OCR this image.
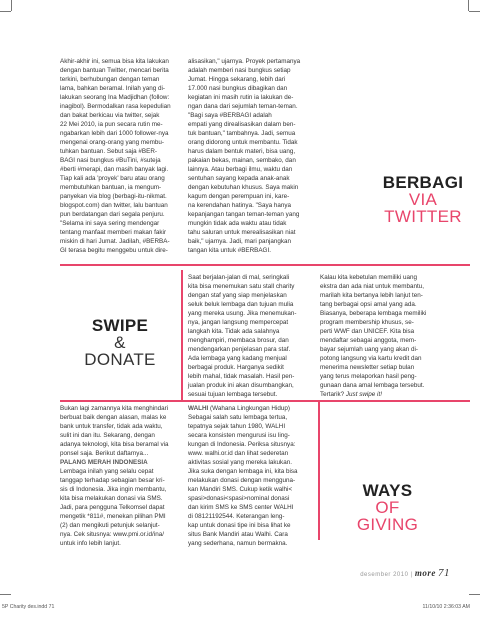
Akhir-akhir ini, semua bisa kita lakukan
dengan bantuan Twitter, mencari berita
terkini, berhubungan dengan teman
lama, bahkan beramal. Inilah yang di-
lakukan seorang Ina Madjidhan (follow:
inagibol). Bermodalkan rasa kepedulian
dan bakat berkicau via twitter, sejak
22 Mei 2010, ia pun secara rutin me-
ngabarkan lebih dari 1000 follower-nya
mengenai orang-orang yang membu-
tuhkan bantuan. Sebut saja #BER-
BAGI nasi bungkus #BuTini, #suteja
#berti #merapi, dan masih banyak lagi.
Tiap kali ada 'proyek' baru atau orang
membutuhkan bantuan, ia mengum-
panyekan via blog (berbagi-itu-nikmat.
blogspot.com) dan twitter, lalu bantuan
pun berdatangan dari segala penjuru.
"Selama ini saya sering mendengar
tentang manfaat memberi makan fakir
miskin di hari Jumat. Jadilah, #BERBA-
GI terasa begitu menggebu untuk dire-
alisasikan," ujarnya. Proyek pertamanya
adalah memberi nasi bungkus setiap
Jumat. Hingga sekarang, lebih dari
17.000 nasi bungkus dibagikan dan
kegiatan ini masih rutin ia lakukan de-
ngan dana dari sejumlah teman-teman.
"Bagi saya #BERBAGI adalah
empati yang direalisasikan dalam ben-
tuk bantuan," tambahnya. Jadi, semua
orang didorong untuk membantu. Tidak
harus dalam bentuk materi, bisa uang,
pakaian bekas, mainan, sembako, dan
lainnya. Atau berbagi ilmu, waktu dan
sentuhan sayang kepada anak-anak
dengan kebutuhan khusus. Saya makin
kagum dengan perempuan ini, kare-
na kerendahan hatinya. "Saya hanya
kepanjangan tangan teman-teman yang
mungkin tidak ada waktu atau tidak
tahu saluran untuk merealisasikan niat
baik," ujarnya. Jadi, mari panjangkan
tangan kita untuk #BERBAGI.
BERBAGI
VIA
TWITTER
SWIPE
&
DONATE
Saat berjalan-jalan di mal, seringkali
kita bisa menemukan satu stall charity
dengan staf yang siap menjelaskan
seluk beluk lembaga dan tujuan mulia
yang mereka usung. Jika menemukan-
nya, jangan langsung mempercepat
langkah kita. Tidak ada salahnya
menghampiri, membaca brosur, dan
mendengarkan penjelasan para staf.
Ada lembaga yang kadang menjual
berbagai produk. Harganya sedikit
lebih mahal, tidak masalah. Hasil pen-
jualan produk ini akan disumbangkan,
sesuai tujuan lembaga tersebut.
Kalau kita kebetulan memiliki uang
ekstra dan ada niat untuk membantu,
marilah kita bertanya lebih lanjut ten-
tang berbagai opsi amal yang ada.
Biasanya, beberapa lembaga memiliki
program membership khusus, se-
perti WWF dan UNICEF. Kita bisa
mendaftar sebagai anggota, mem-
bayar sejumlah uang yang akan di-
potong langsung via kartu kredit dan
menerima newsletter setiap bulan
yang terus melaporkan hasil peng-
gunaan dana amal lembaga tersebut.
Tertarik? Just swipe it!
Bukan lagi zamannya kita menghindari
berbuat baik dengan alasan, malas ke
bank untuk transfer, tidak ada waktu,
sulit ini dan itu. Sekarang, dengan
adanya teknologi, kita bisa beramal via
ponsel saja. Berikut daftarnya...
PALANG MERAH INDONESIA
Lembaga inilah yang selalu cepat
tanggap terhadap sebagian besar kri-
sis di Indonesia. Jika ingin membantu,
kita bisa melakukan donasi via SMS.
Jadi, para pengguna Telkomsel dapat
mengetik *811#, menekan pilihan PMI
(2) dan mengikuti petunjuk selanjut-
nya. Cek situsnya: www.pmi.or.id/ina/
untuk info lebih lanjut.
WALHI (Wahana Lingkungan Hidup)
Sebagai salah satu lembaga tertua,
tepatnya sejak tahun 1980, WALHI
secara konsisten mengurusi isu ling-
kungan di Indonesia. Periksa situsnya:
www. walhi.or.id dan lihat sederetan
aktivitas sosial yang mereka lakukan.
Jika suka dengan lembaga ini, kita bisa
melakukan donasi dengan mengguna-
kan Mandiri SMS. Cukup ketik walhi<
spasi>donasi<spasi>nominal donasi
dan kirim SMS ke SMS center WALHI
di 08121192544. Keterangan leng-
kap untuk donasi tipe ini bisa lihat ke
situs Bank Mandiri atau Walhi. Cara
yang sederhana, namun bermakna.
WAYS
OF
GIVING
desember 2010 | more 71
5P Charity des.indd 71	11/10/10 2:36:03 AM
